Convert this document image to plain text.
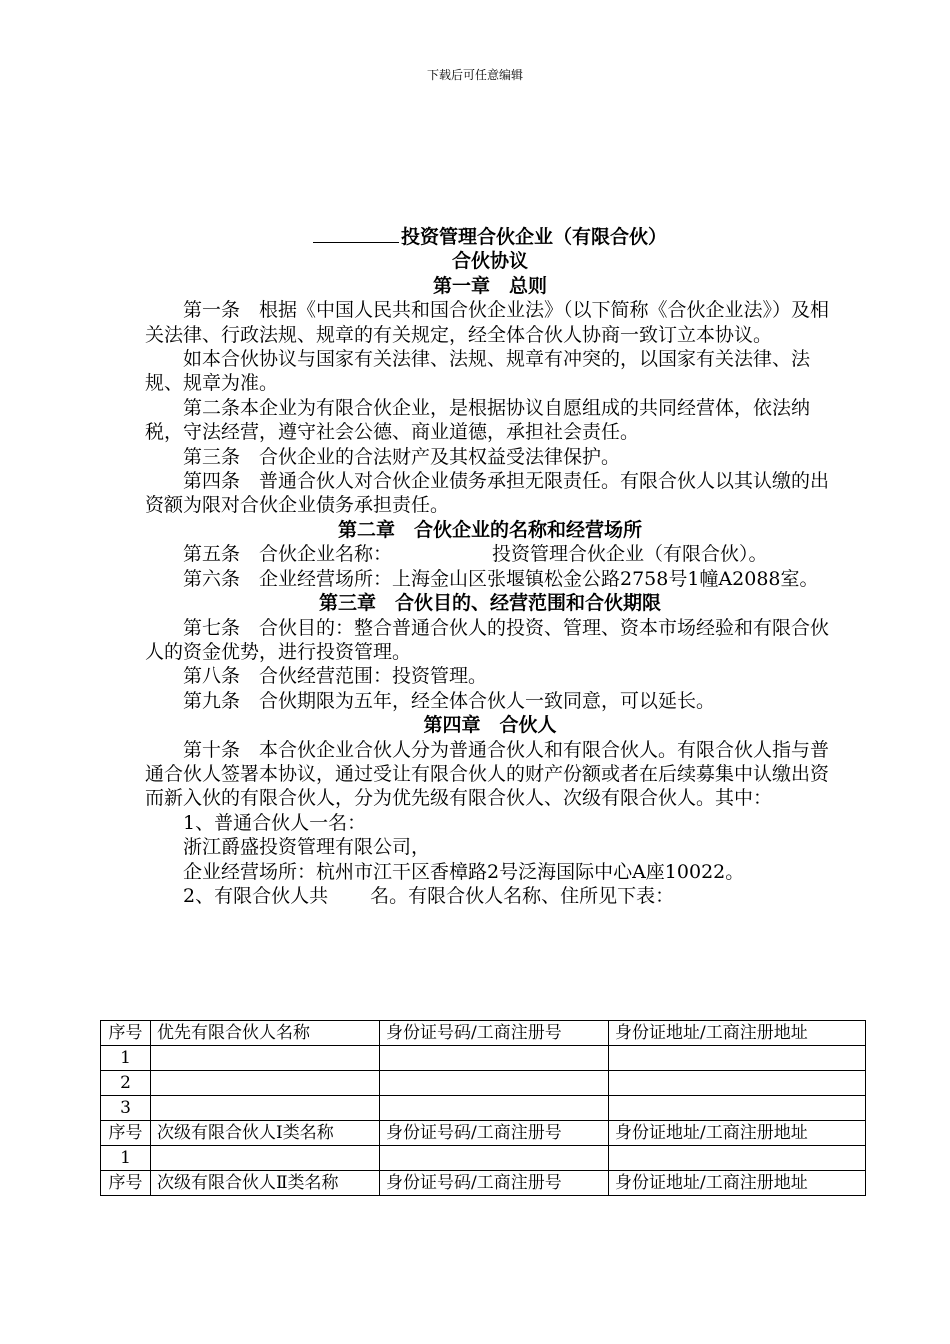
下载后可任意编辑
投资管理合伙企业（有限合伙）
合伙协议
第一章　总则

第一条　根据《中国人民共和国合伙企业法》（以下简称《合伙企业法》）及相关法律、行政法规、规章的有关规定，经全体合伙人协商一致订立本协议。

如本合伙协议与国家有关法律、法规、规章有冲突的，以国家有关法律、法规、规章为准。

第二条本企业为有限合伙企业，是根据协议自愿组成的共同经营体，依法纳税，守法经营，遵守社会公德、商业道德，承担社会责任。

第三条　合伙企业的合法财产及其权益受法律保护。

第四条　普通合伙人对合伙企业债务承担无限责任。有限合伙人以其认缴的出资额为限对合伙企业债务承担责任。

第二章　合伙企业的名称和经营场所

第五条　合伙企业名称：	投资管理合伙企业（有限合伙）。

第六条　企业经营场所：上海金山区张堰镇松金公路2758号1幢A2088室。

第三章　合伙目的、经营范围和合伙期限

第七条　合伙目的：整合普通合伙人的投资、管理、资本市场经验和有限合伙人的资金优势，进行投资管理。

第八条　合伙经营范围：投资管理。

第九条　合伙期限为五年，经全体合伙人一致同意，可以延长。

第四章　合伙人

第十条　本合伙企业合伙人分为普通合伙人和有限合伙人。有限合伙人指与普通合伙人签署本协议，通过受让有限合伙人的财产份额或者在后续募集中认缴出资而新入伙的有限合伙人，分为优先级有限合伙人、次级有限合伙人。其中：

1、普通合伙人一名：

浙江爵盛投资管理有限公司，

企业经营场所：杭州市江干区香樟路2号泛海国际中心A座10022。

2、有限合伙人共 名。有限合伙人名称、住所见下表：

序号	优先有限合伙人名称	身份证号码/工商注册号	身份证地址/工商注册地址
1			
2			
3			
序号	次级有限合伙人Ⅰ类名称	身份证号码/工商注册号	身份证地址/工商注册地址
1			
序号	次级有限合伙人Ⅱ类名称	身份证号码/工商注册号	身份证地址/工商注册地址
